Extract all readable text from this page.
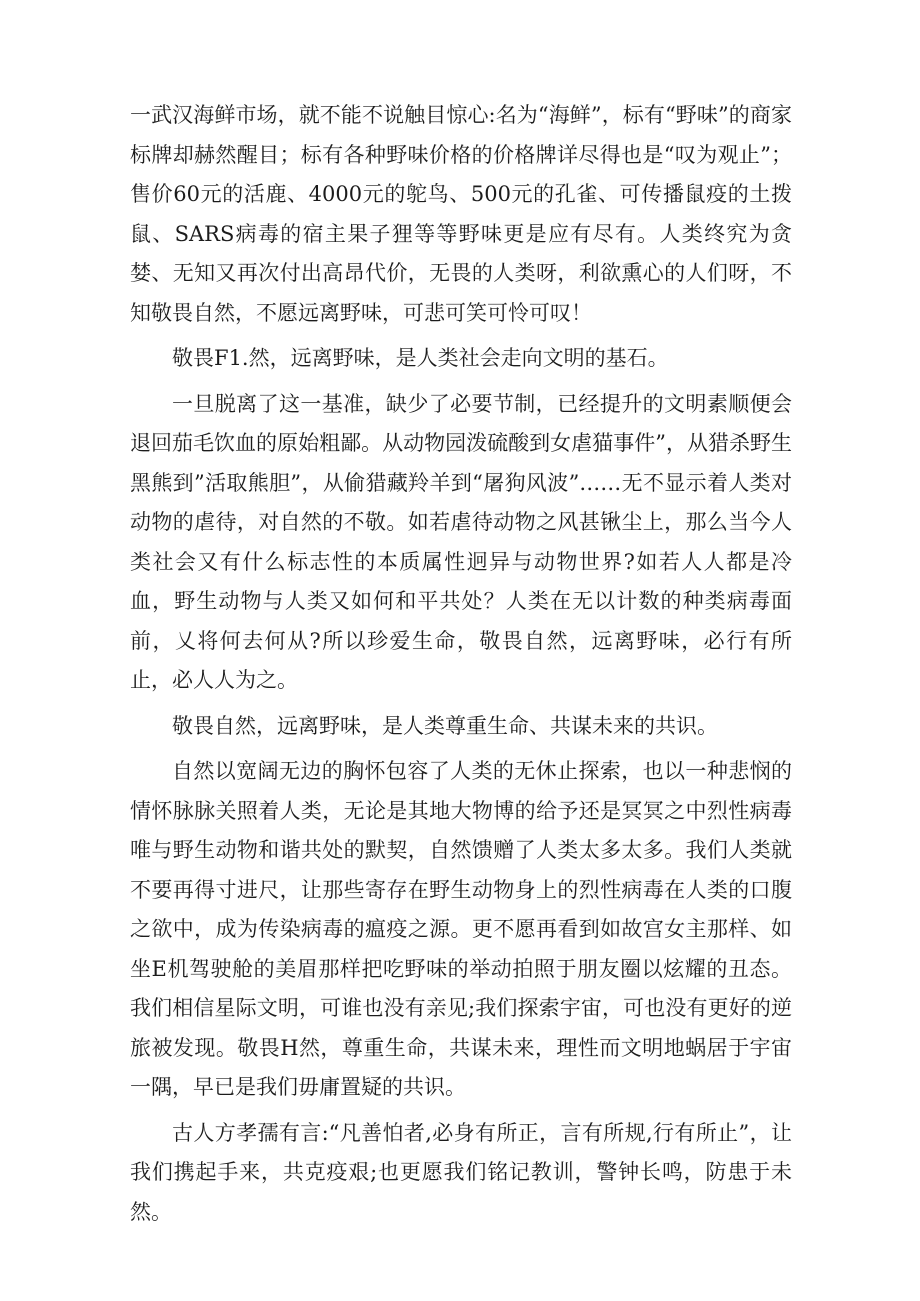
一武汉海鲜市场，就不能不说触目惊心:名为“海鲜”，标有“野味”的商家标牌却赫然醒目；标有各种野味价格的价格牌详尽得也是“叹为观止”；售价60元的活鹿、4000元的鸵鸟、500元的孔雀、可传播鼠疫的土拨鼠、SARS病毒的宿主果子狸等等野味更是应有尽有。人类终究为贪婪、无知又再次付出高昂代价，无畏的人类呀，利欲熏心的人们呀，不知敬畏自然，不愿远离野味，可悲可笑可怜可叹！

敬畏F1.然，远离野味，是人类社会走向文明的基石。

一旦脱离了这一基准，缺少了必要节制，已经提升的文明素顺便会退回茄毛饮血的原始粗鄙。从动物园泼硫酸到女虐猫事件”，从猎杀野生黑熊到”活取熊胆”，从偷猎藏羚羊到“屠狗风波”……无不显示着人类对动物的虐待，对自然的不敬。如若虐待动物之风甚锹尘上，那么当今人类社会又有什么标志性的本质属性迥异与动物世界?如若人人都是冷血，野生动物与人类又如何和平共处？人类在无以计数的种类病毒面前，乂将何去何从?所以珍爱生命，敬畏自然，远离野味，必行有所止，必人人为之。

敬畏自然，远离野味，是人类尊重生命、共谋未来的共识。

自然以宽阔无边的胸怀包容了人类的无休止探索，也以一种悲悯的情怀脉脉关照着人类，无论是其地大物博的给予还是冥冥之中烈性病毒唯与野生动物和谐共处的默契，自然馈赠了人类太多太多。我们人类就不要再得寸进尺，让那些寄存在野生动物身上的烈性病毒在人类的口腹之欲中，成为传染病毒的瘟疫之源。更不愿再看到如故宫女主那样、如坐E机驾驶舱的美眉那样把吃野味的举动拍照于朋友圈以炫耀的丑态。我们相信星际文明，可谁也没有亲见;我们探索宇宙，可也没有更好的逆旅被发现。敬畏H然，尊重生命，共谋未来，理性而文明地蜗居于宇宙一隅，早已是我们毋庸置疑的共识。

古人方孝孺有言:“凡善怕者,必身有所正，言有所规,行有所止”，让我们携起手来，共克疫艰;也更愿我们铭记教训，警钟长鸣，防患于未然。
